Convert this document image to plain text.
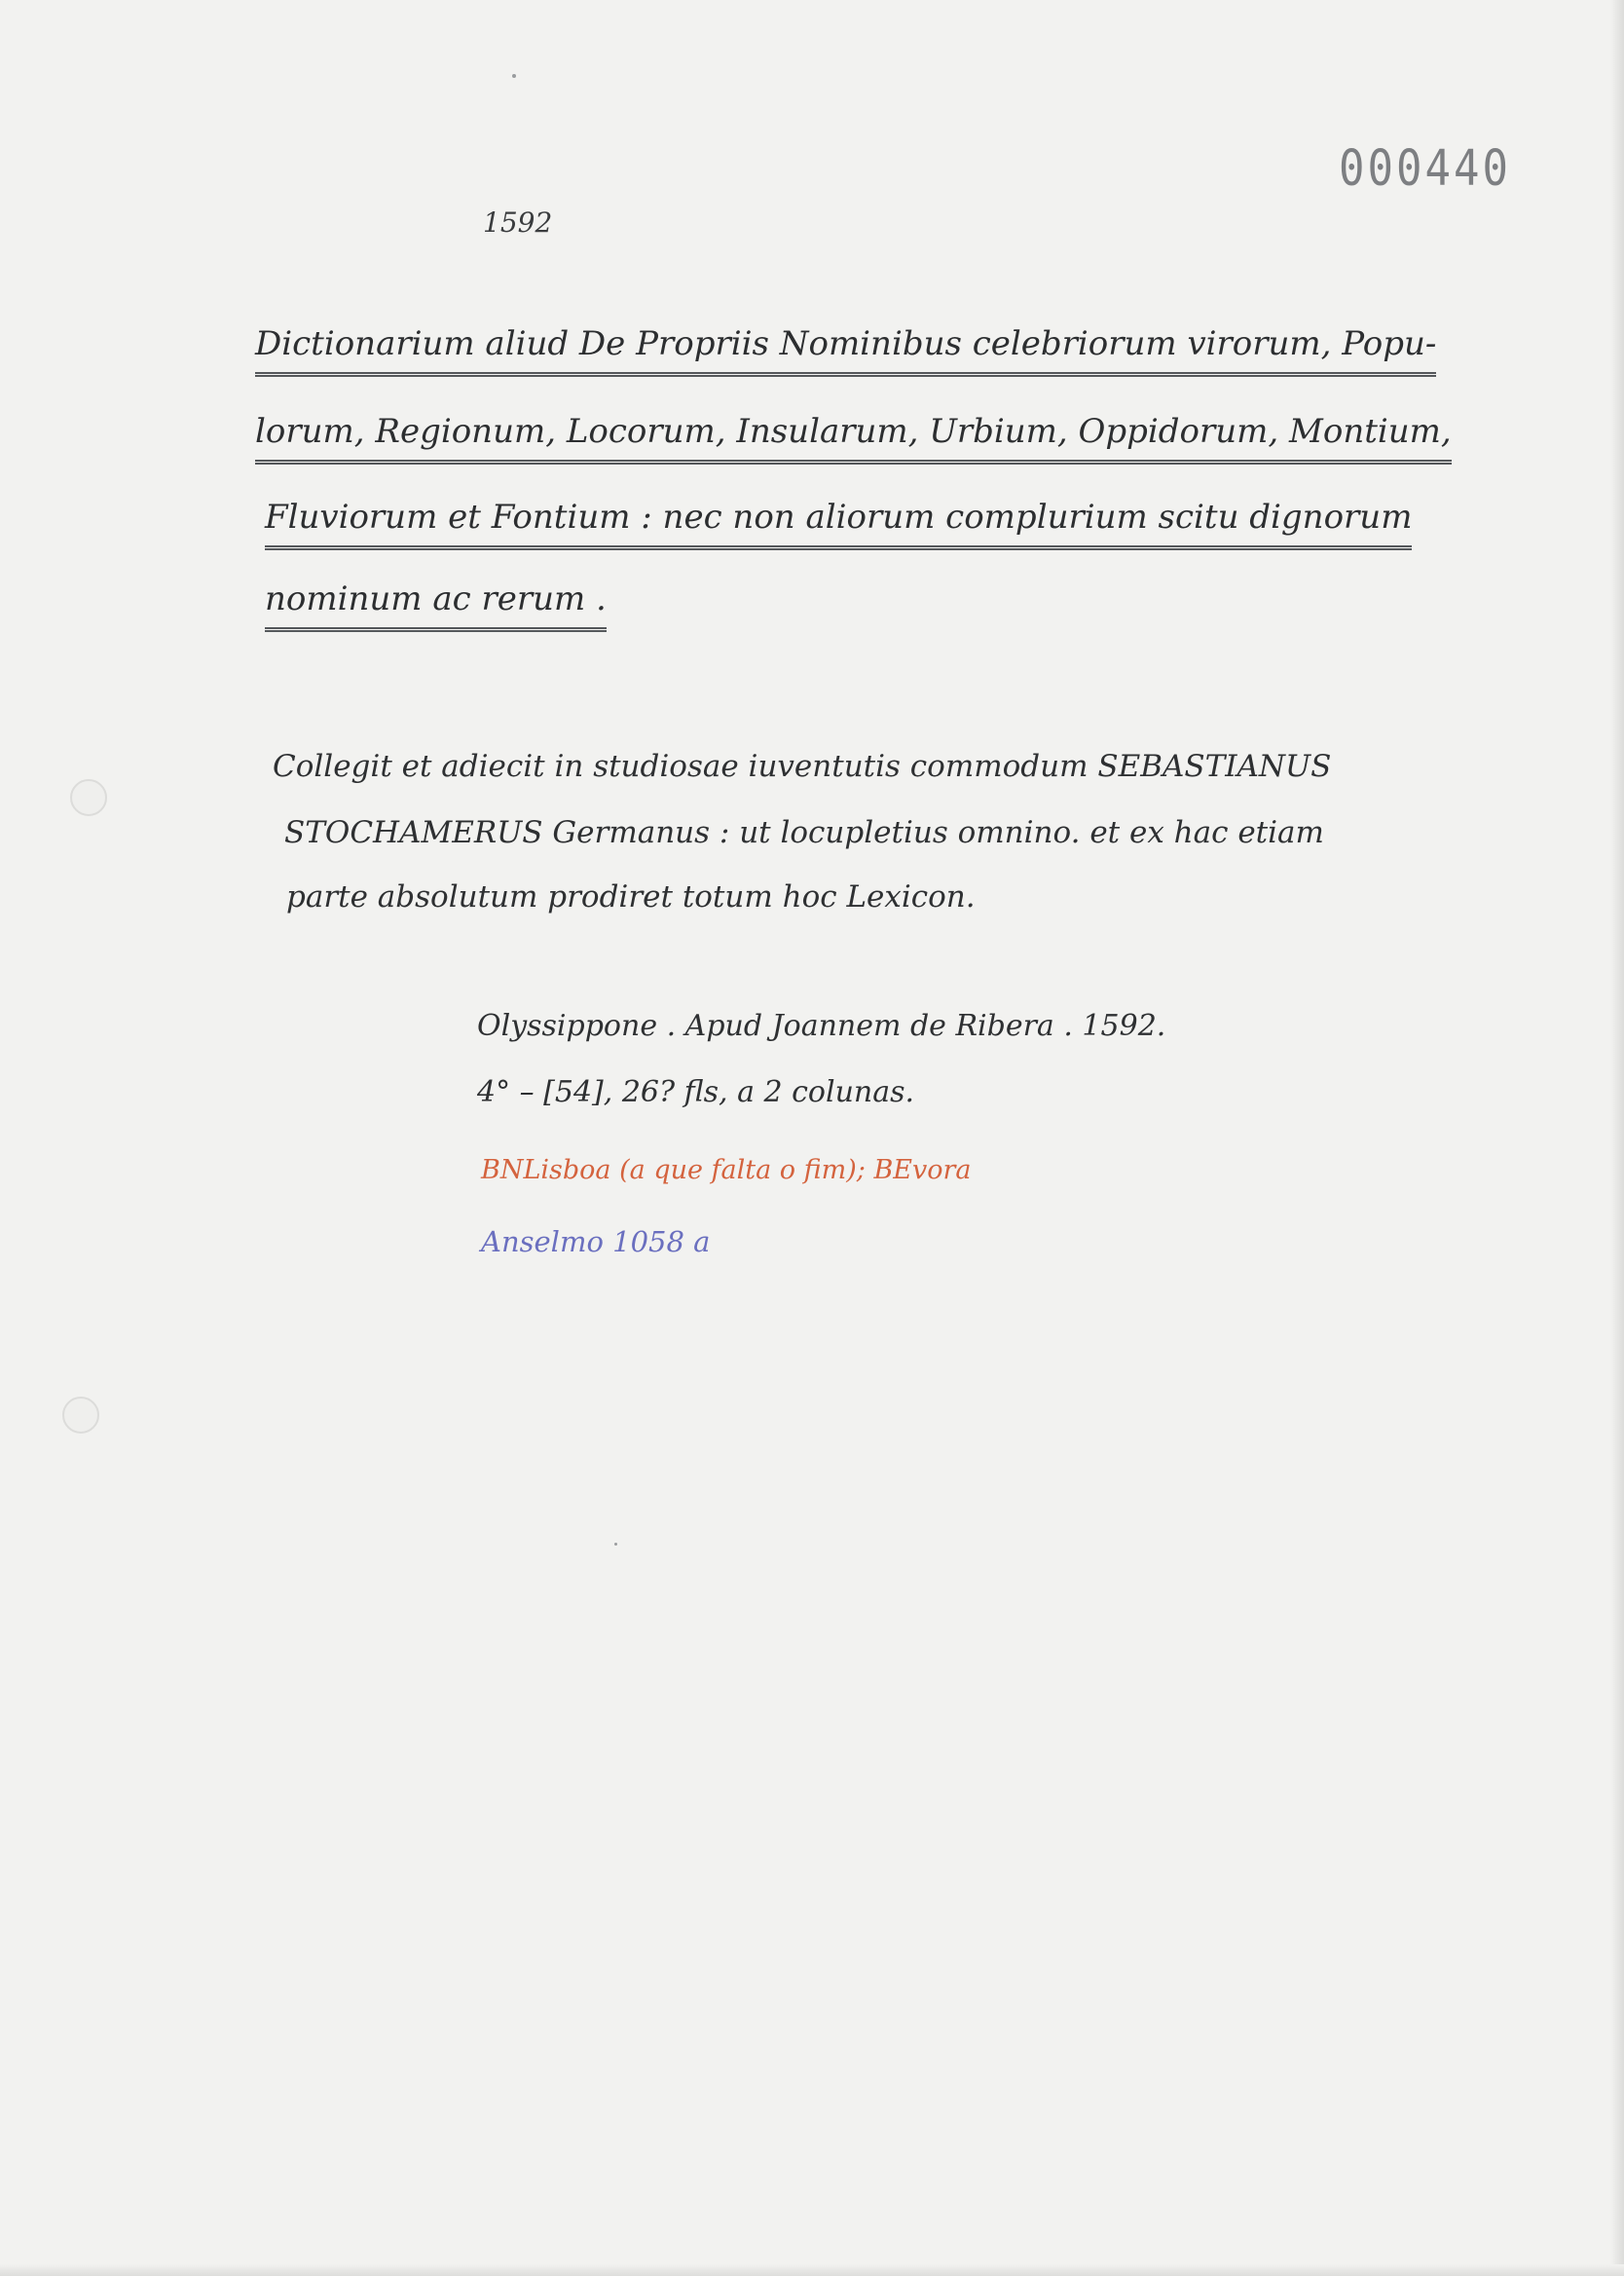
000440
1592
Dictionarium aliud De Propriis Nominibus celebriorum virorum, Popu-
lorum, Regionum, Locorum, Insularum, Urbium, Oppidorum, Montium,
Fluviorum et Fontium : nec non aliorum complurium scitu dignorum
nominum ac rerum .
Collegit et adiecit in studiosae iuventutis commodum SEBASTIANUS
STOCHAMERUS Germanus : ut locupletius omnino. et ex hac etiam
parte absolutum prodiret totum hoc Lexicon.
Olyssippone . Apud Joannem de Ribera . 1592.
4° – [54], 26? fls, a 2 colunas.
BNLisboa (a que falta o fim); BEvora
Anselmo 1058 a
